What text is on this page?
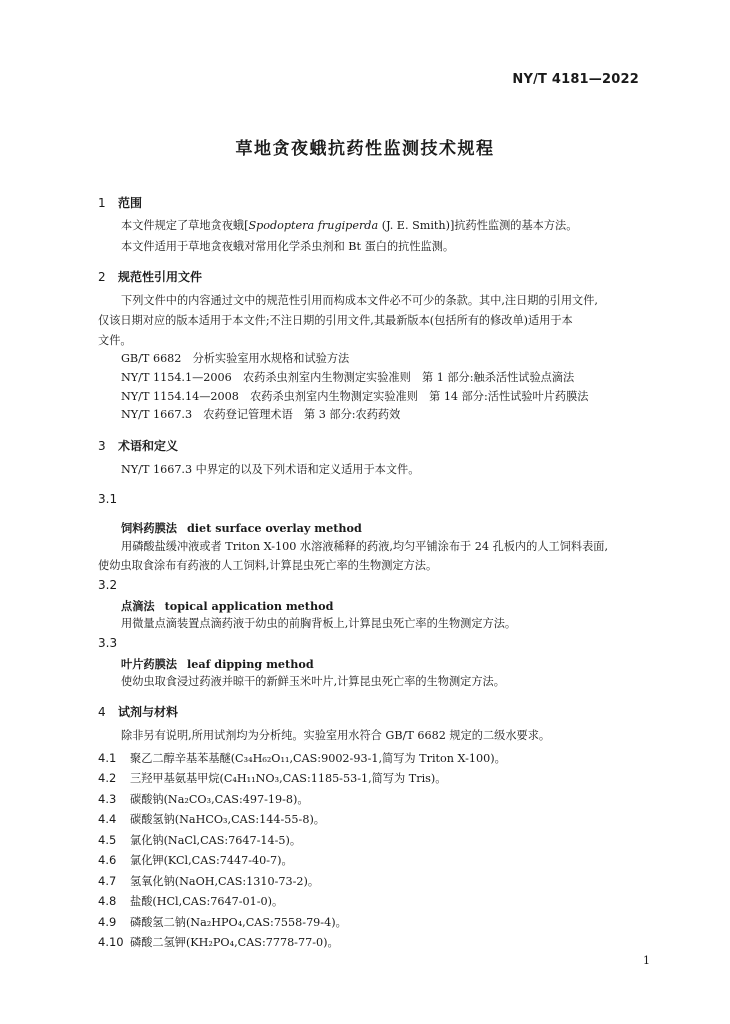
NY/T 4181—2022
草地贪夜蛾抗药性监测技术规程
1 范围
本文件规定了草地贪夜蛾[Spodoptera frugiperda (J. E. Smith)]抗药性监测的基本方法。
本文件适用于草地贪夜蛾对常用化学杀虫剂和 Bt 蛋白的抗性监测。
2 规范性引用文件
下列文件中的内容通过文中的规范性引用而构成本文件必不可少的条款。其中,注日期的引用文件,
仅该日期对应的版本适用于本文件;不注日期的引用文件,其最新版本(包括所有的修改单)适用于本
文件。
GB/T 6682　分析实验室用水规格和试验方法
NY/T 1154.1—2006　农药杀虫剂室内生物测定实验准则　第 1 部分:触杀活性试验点滴法
NY/T 1154.14—2008　农药杀虫剂室内生物测定实验准则　第 14 部分:活性试验叶片药膜法
NY/T 1667.3　农药登记管理术语　第 3 部分:农药药效
3 术语和定义
NY/T 1667.3 中界定的以及下列术语和定义适用于本文件。
3.1
饲料药膜法 diet surface overlay method
用磷酸盐缓冲液或者 Triton X-100 水溶液稀释的药液,均匀平铺涂布于 24 孔板内的人工饲料表面,
使幼虫取食涂布有药液的人工饲料,计算昆虫死亡率的生物测定方法。
3.2
点滴法 topical application method
用微量点滴装置点滴药液于幼虫的前胸背板上,计算昆虫死亡率的生物测定方法。
3.3
叶片药膜法 leaf dipping method
使幼虫取食浸过药液并晾干的新鲜玉米叶片,计算昆虫死亡率的生物测定方法。
4 试剂与材料
除非另有说明,所用试剂均为分析纯。实验室用水符合 GB/T 6682 规定的二级水要求。
4.1 聚乙二醇辛基苯基醚(C₃₄H₆₂O₁₁,CAS:9002-93-1,简写为 Triton X-100)。
4.2 三羟甲基氨基甲烷(C₄H₁₁NO₃,CAS:1185-53-1,简写为 Tris)。
4.3 碳酸钠(Na₂CO₃,CAS:497-19-8)。
4.4 碳酸氢钠(NaHCO₃,CAS:144-55-8)。
4.5 氯化钠(NaCl,CAS:7647-14-5)。
4.6 氯化钾(KCl,CAS:7447-40-7)。
4.7 氢氧化钠(NaOH,CAS:1310-73-2)。
4.8 盐酸(HCl,CAS:7647-01-0)。
4.9 磷酸氢二钠(Na₂HPO₄,CAS:7558-79-4)。
4.10 磷酸二氢钾(KH₂PO₄,CAS:7778-77-0)。
1
